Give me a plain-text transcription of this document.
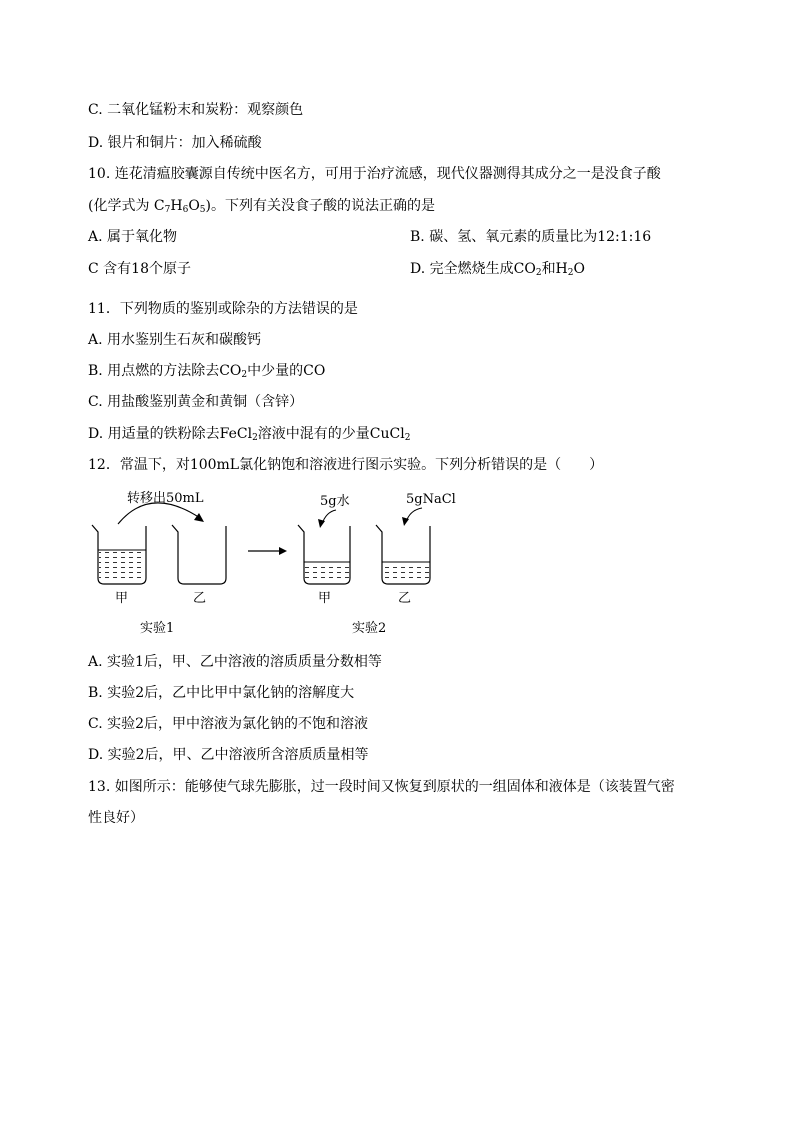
C. 二氧化锰粉末和炭粉：观察颜色
D. 银片和铜片：加入稀硫酸
10. 连花清瘟胶囊源自传统中医名方，可用于治疗流感，现代仪器测得其成分之一是没食子酸
(化学式为 $C_7H_6O_5$)。下列有关没食子酸的说法正确的是
A. 属于氧化物	B. 碳、氢、氧元素的质量比为12:1:16
C 含有18个原子	D. 完全燃烧生成$CO_2$和$H_2O$
11．下列物质的鉴别或除杂的方法错误的是
A. 用水鉴别生石灰和碳酸钙
B. 用点燃的方法除去$CO_2$中少量的CO
C. 用盐酸鉴别黄金和黄铜（含锌）
D. 用适量的铁粉除去FeCl$_2$溶液中混有的少量CuCl$_2$
12．常温下，对100mL氯化钠饱和溶液进行图示实验。下列分析错误的是（　　）
转移出50mL	5g水	5gNaCl
甲	乙	甲	乙
实验1	实验2
A. 实验1后，甲、乙中溶液的溶质质量分数相等
B. 实验2后，乙中比甲中氯化钠的溶解度大
C. 实验2后，甲中溶液为氯化钠的不饱和溶液
D. 实验2后，甲、乙中溶液所含溶质质量相等
13. 如图所示：能够使气球先膨胀，过一段时间又恢复到原状的一组固体和液体是（该装置气密
性良好）
